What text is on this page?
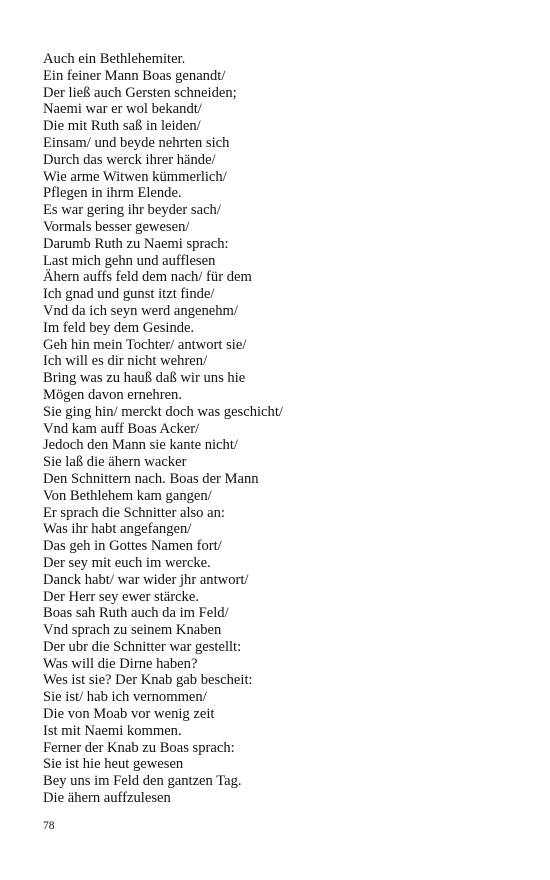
Auch ein Bethlehemiter.
Ein feiner Mann Boas genandt/
Der ließ auch Gersten schneiden;
Naemi war er wol bekandt/
Die mit Ruth saß in leiden/
Einsam/ und beyde nehrten sich
Durch das werck ihrer hände/
Wie arme Witwen kümmerlich/
Pflegen in ihrm Elende.
Es war gering ihr beyder sach/
Vormals besser gewesen/
Darumb Ruth zu Naemi sprach:
Last mich gehn und aufflesen
Ähern auffs feld dem nach/ für dem
Ich gnad und gunst itzt finde/
Vnd da ich seyn werd angenehm/
Im feld bey dem Gesinde.
Geh hin mein Tochter/ antwort sie/
Ich will es dir nicht wehren/
Bring was zu hauß daß wir uns hie
Mögen davon ernehren.
Sie ging hin/ merckt doch was geschicht/
Vnd kam auff Boas Acker/
Jedoch den Mann sie kante nicht/
Sie laß die ähern wacker
Den Schnittern nach. Boas der Mann
Von Bethlehem kam gangen/
Er sprach die Schnitter also an:
Was ihr habt angefangen/
Das geh in Gottes Namen fort/
Der sey mit euch im wercke.
Danck habt/ war wider jhr antwort/
Der Herr sey ewer stärcke.
Boas sah Ruth auch da im Feld/
Vnd sprach zu seinem Knaben
Der ubr die Schnitter war gestellt:
Was will die Dirne haben?
Wes ist sie? Der Knab gab bescheit:
Sie ist/ hab ich vernommen/
Die von Moab vor wenig zeit
Ist mit Naemi kommen.
Ferner der Knab zu Boas sprach:
Sie ist hie heut gewesen
Bey uns im Feld den gantzen Tag.
Die ähern auffzulesen
78
